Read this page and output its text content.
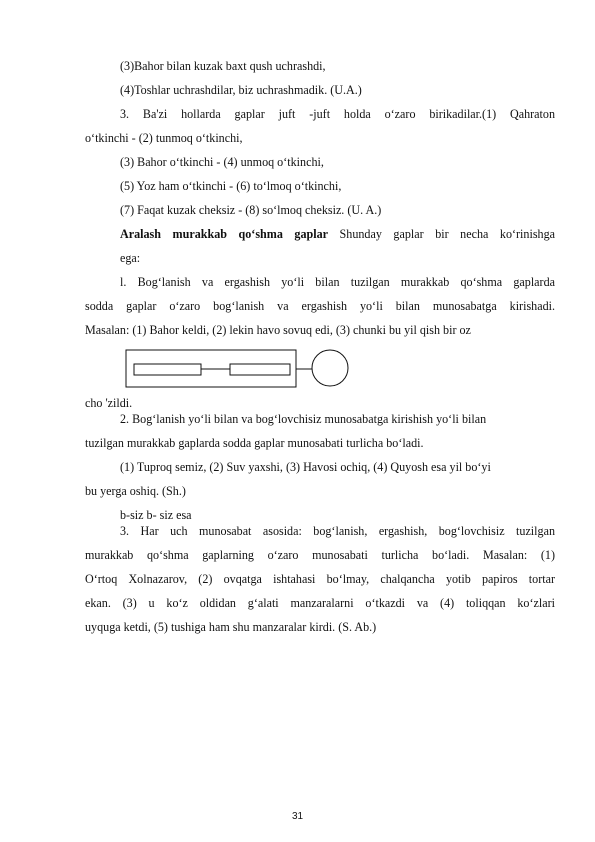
(3)Bahor bilan kuzak baxt qush uchrashdi,
(4)Toshlar uchrashdilar, biz uchrashmadik. (U.A.)
3. Ba'zi hollarda gaplar juft -juft holda o‘zaro birikadilar.(1) Qahraton
o‘tkinchi - (2) tunmoq o‘tkinchi,
(3) Bahor o‘tkinchi - (4) unmoq o‘tkinchi,
(5) Yoz ham o‘tkinchi - (6) to‘lmoq o‘tkinchi,
(7) Faqat kuzak cheksiz - (8) so‘lmoq cheksiz. (U. A.)
Aralash murakkab qo‘shma gaplar Shunday gaplar bir necha ko‘rinishga
ega:
l. Bog‘lanish va ergashish yo‘li bilan tuzilgan murakkab qo‘shma gaplarda
sodda gaplar o‘zaro bog‘lanish va ergashish yo‘li bilan munosabatga kirishadi.
Masalan: (1) Bahor keldi, (2) lekin havo sovuq edi, (3) chunki bu yil qish bir oz
cho 'zildi.
2. Bog‘lanish yo‘li bilan va bog‘lovchisiz munosabatga kirishish yo‘li bilan
tuzilgan murakkab gaplarda sodda gaplar munosabati turlicha bo‘ladi.
(1) Tuproq semiz, (2) Suv yaxshi, (3) Havosi ochiq, (4) Quyosh esa yil bo‘yi
bu yerga oshiq. (Sh.)
b-siz b- siz esa
3. Har uch munosabat asosida: bog‘lanish, ergashish, bog‘lovchisiz tuzilgan
murakkab qo‘shma gaplarning o‘zaro munosabati turlicha bo‘ladi. Masalan: (1)
O‘rtoq Xolnazarov, (2) ovqatga ishtahasi bo‘lmay, chalqancha yotib papiros tortar
ekan. (3) u ko‘z oldidan g‘alati manzaralarni o‘tkazdi va (4) toliqqan ko‘zlari
uyquga ketdi, (5) tushiga ham shu manzaralar kirdi. (S. Ab.)
31
